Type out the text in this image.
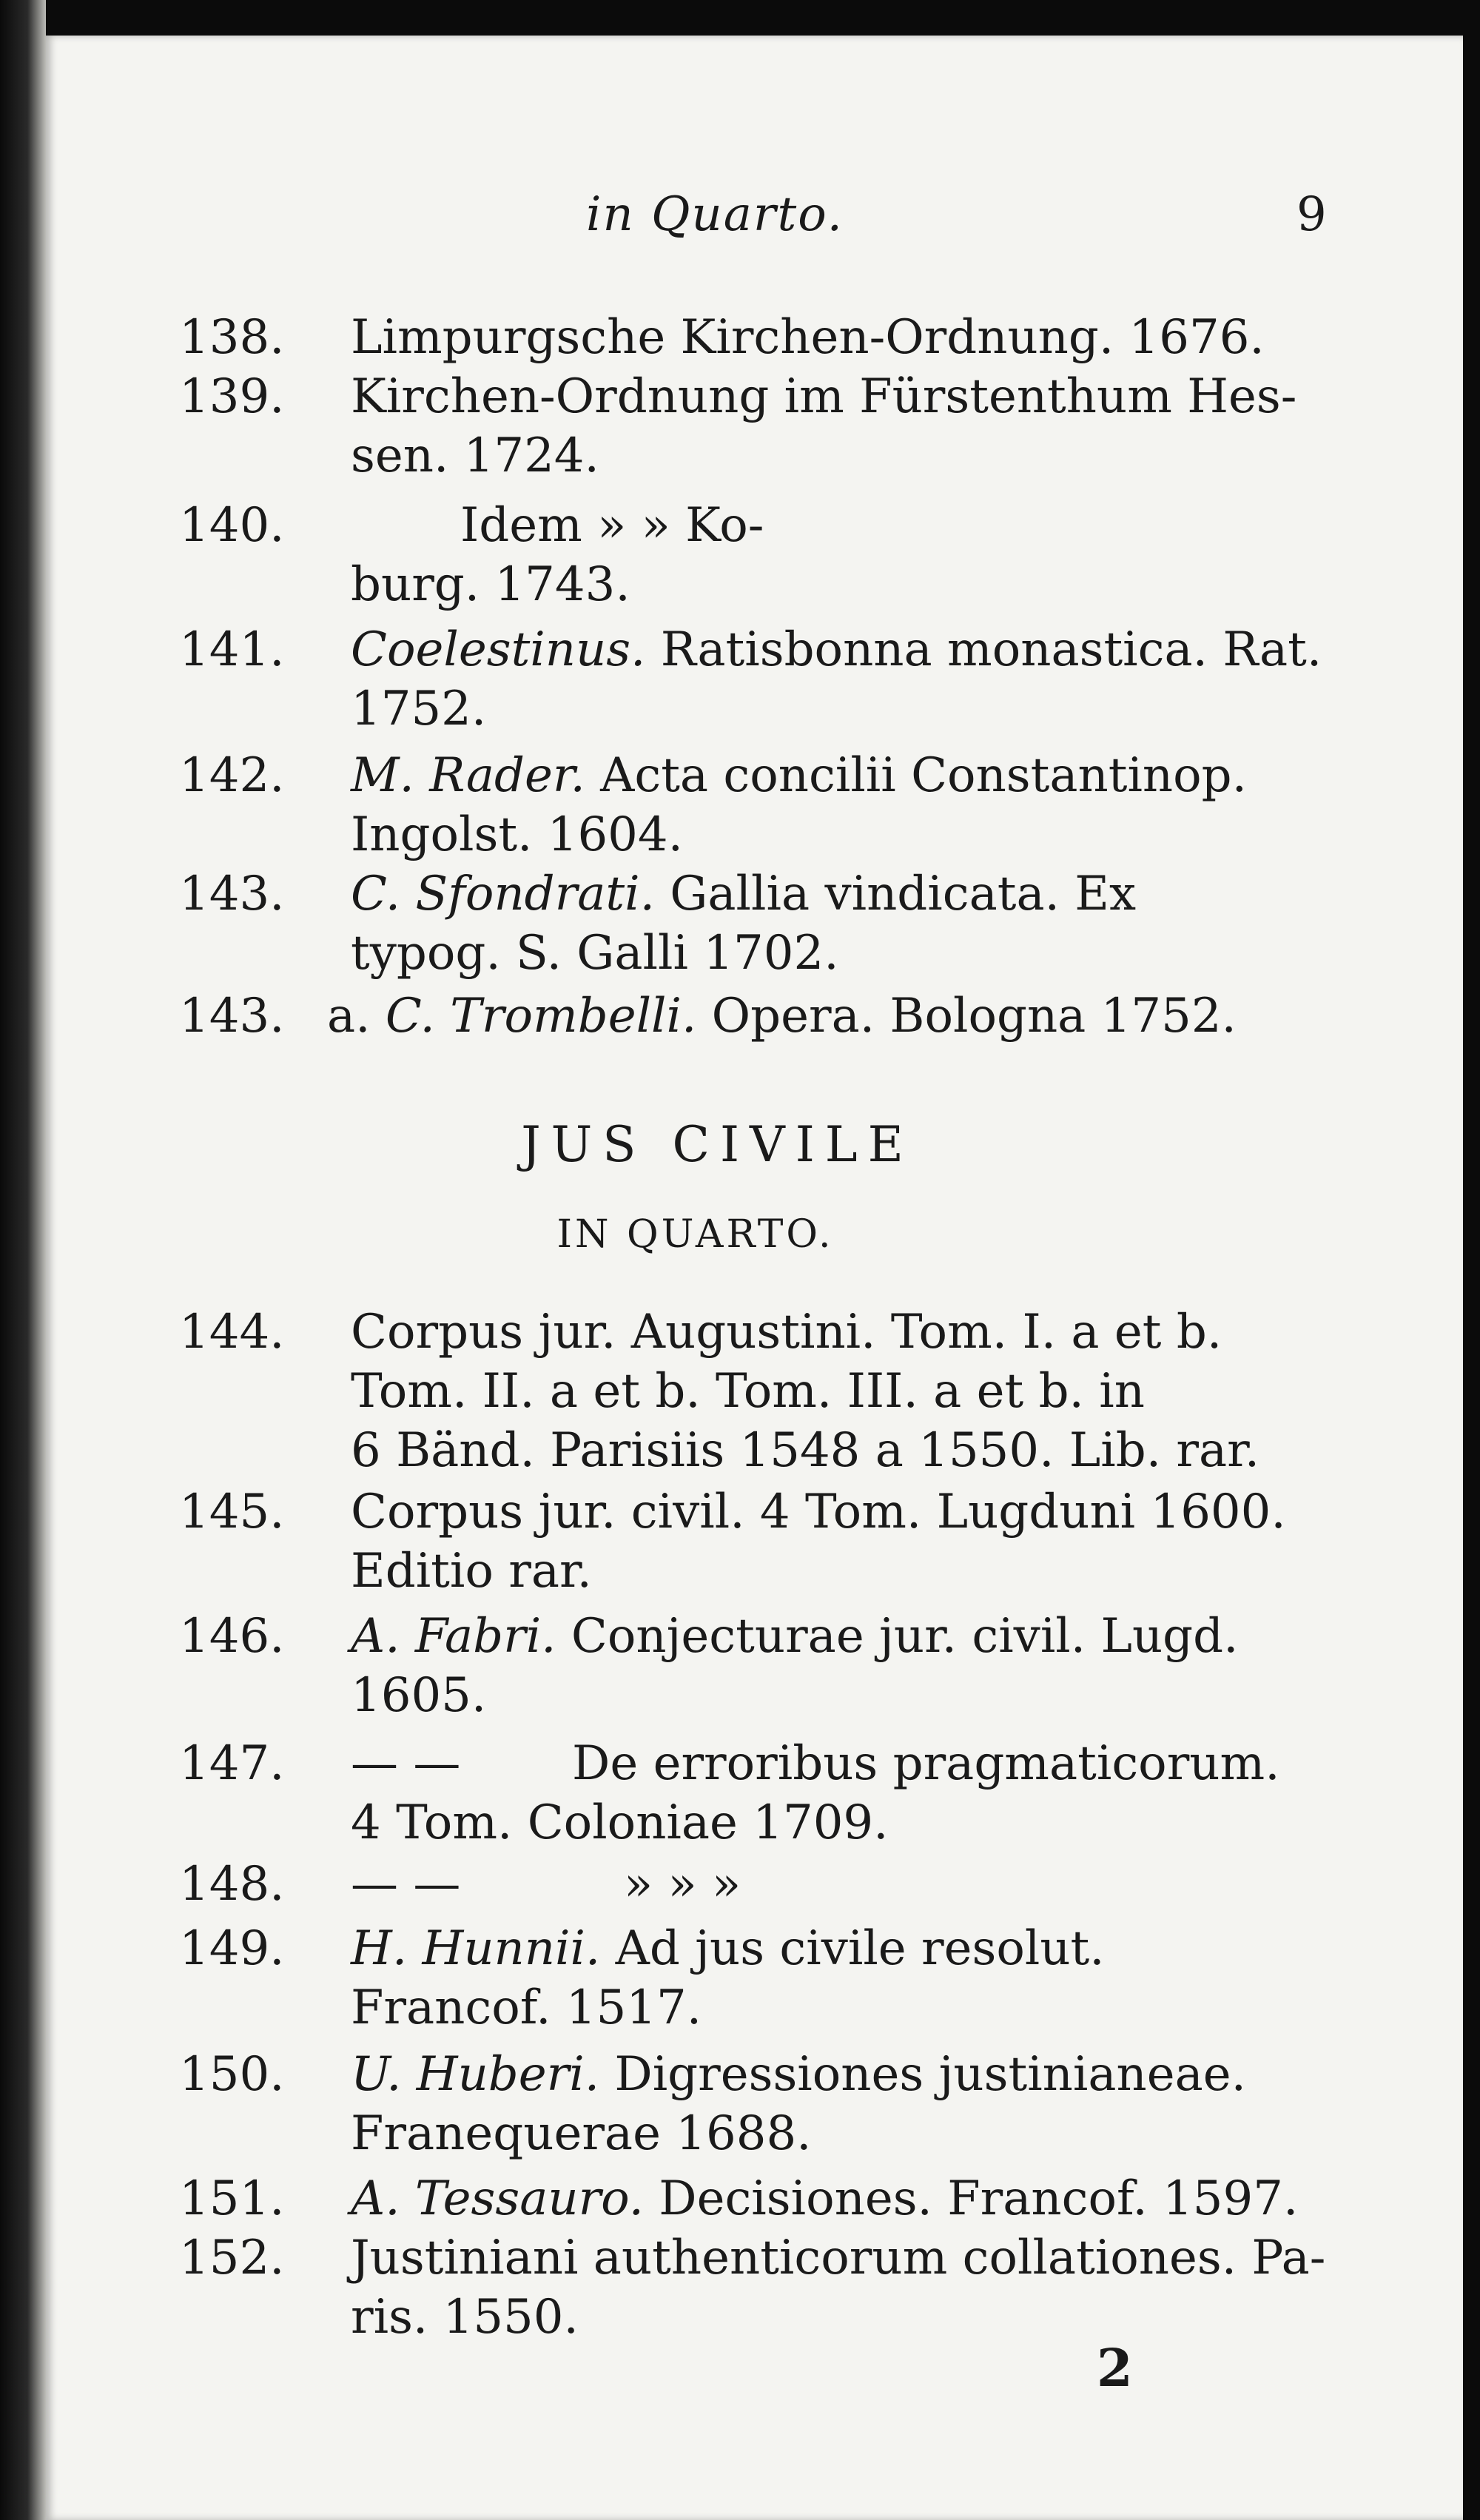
in Quarto.	9
138.	Limpurgsche Kirchen-Ordnung. 1676.
139.	Kirchen-Ordnung im Fürstenthum Hes-
sen. 1724.
140.	Idem » » Ko-
burg. 1743.
141.	Coelestinus. Ratisbonna monastica. Rat.
1752.
142.	M. Rader. Acta concilii Constantinop.
Ingolst. 1604.
143.	C. Sfondrati. Gallia vindicata. Ex
typog. S. Galli 1702.
143. a. C. Trombelli. Opera. Bologna 1752.
JUS CIVILE
IN QUARTO.
144.	Corpus jur. Augustini. Tom. I. a et b.
Tom. II. a et b. Tom. III. a et b. in
6 Bänd. Parisiis 1548 a 1550. Lib. rar.
145.	Corpus jur. civil. 4 Tom. Lugduni 1600.
Editio rar.
146.	A. Fabri. Conjecturae jur. civil. Lugd.
1605.
147.	— — De erroribus pragmaticorum.
4 Tom. Coloniae 1709.
148.	— —	» » »
149.	H. Hunnii. Ad jus civile resolut.
Francof. 1517.
150.	U. Huberi. Digressiones justinianeae.
Franequerae 1688.
151.	A. Tessauro. Decisiones. Francof. 1597.
152.	Justiniani authenticorum collationes. Pa-
ris. 1550.
2
